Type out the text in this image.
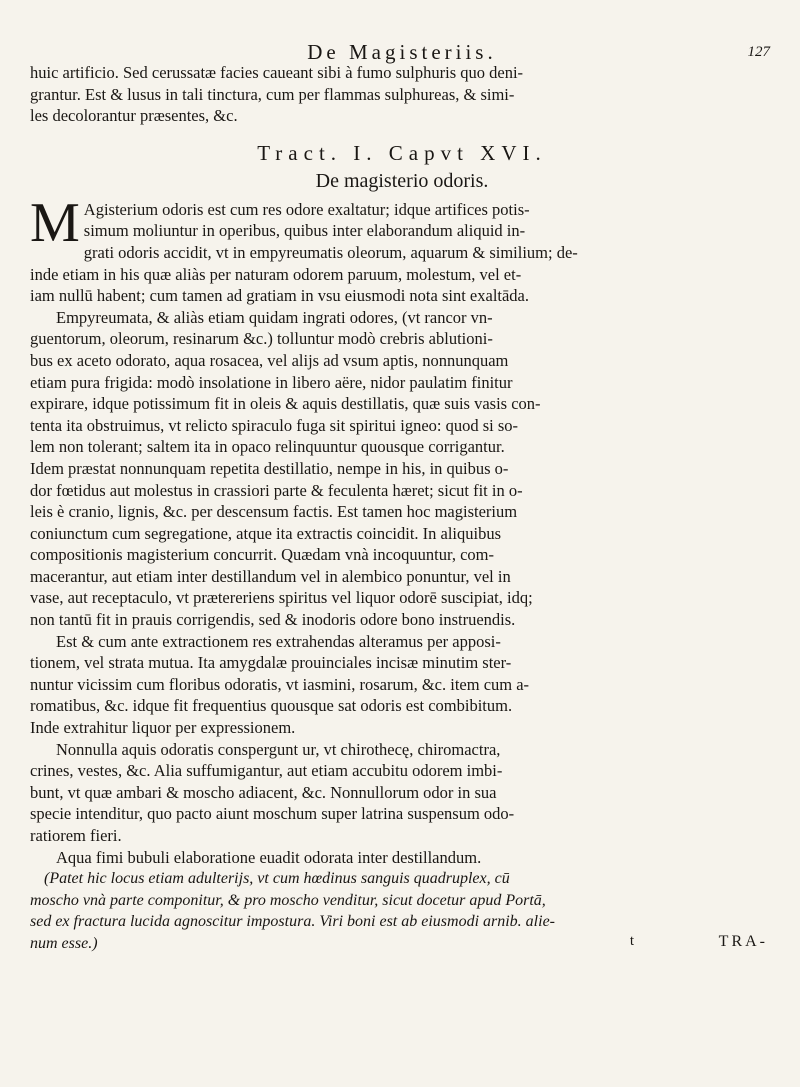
De Magisteriis.	127

huic artificio. Sed cerussatæ facies caueant sibi à fumo sulphuris quo deni-

grantur. Est & lusus in tali tinctura, cum per flammas sulphureas, & simi-

les decolorantur præsentes, &c.

Tract. I. Capvt XVI.
De magisterio odoris.
M Agisterium odoris est cum res odore exaltatur; idque artifices potis-

simum moliuntur in operibus, quibus inter elaborandum aliquid in-

grati odoris accidit, vt in empyreumatis oleorum, aquarum & similium; de-

inde etiam in his quæ aliàs per naturam odorem paruum, molestum, vel et-

iam nullū habent; cum tamen ad gratiam in vsu eiusmodi nota sint exaltāda.

Empyreumata, & aliàs etiam quidam ingrati odores, (vt rancor vn-

guentorum, oleorum, resinarum &c.) tolluntur modò crebris ablutioni-

bus ex aceto odorato, aqua rosacea, vel alijs ad vsum aptis, nonnunquam

etiam pura frigida: modò insolatione in libero aëre, nidor paulatim finitur

expirare, idque potissimum fit in oleis & aquis destillatis, quæ suis vasis con-

tenta ita obstruimus, vt relicto spiraculo fuga sit spiritui igneo: quod si so-

lem non tolerant; saltem ita in opaco relinquuntur quousque corrigantur.

Idem præstat nonnunquam repetita destillatio, nempe in his, in quibus o-

dor fœtidus aut molestus in crassiori parte & feculenta hæret; sicut fit in o-

leis è cranio, lignis, &c. per descensum factis. Est tamen hoc magisterium

coniunctum cum segregatione, atque ita extractis coincidit. In aliquibus

compositionis magisterium concurrit. Quædam vnà incoquuntur, com-

macerantur, aut etiam inter destillandum vel in alembico ponuntur, vel in

vase, aut receptaculo, vt prætereriens spiritus vel liquor odorē suscipiat, idq;

non tantū fit in prauis corrigendis, sed & inodoris odore bono instruendis.

Est & cum ante extractionem res extrahendas alteramus per apposi-

tionem, vel strata mutua. Ita amygdalæ prouinciales incisæ minutim ster-

nuntur vicissim cum floribus odoratis, vt iasmini, rosarum, &c. item cum a-

romatibus, &c. idque fit frequentius quousque sat odoris est combibitum.

Inde extrahitur liquor per expressionem.

Nonnulla aquis odoratis conspergunt ur, vt chirothecę, chiromactra,

crines, vestes, &c. Alia suffumigantur, aut etiam accubitu odorem imbi-

bunt, vt quæ ambari & moscho adiacent, &c. Nonnullorum odor in sua

specie intenditur, quo pacto aiunt moschum super latrina suspensum odo-

ratiorem fieri.

Aqua fimi bubuli elaboratione euadit odorata inter destillandum.

(Patet hic locus etiam adulterijs, vt cum hœdinus sanguis quadruplex, cū

moscho vnà parte componitur, & pro moscho venditur, sicut docetur apud Portā,

sed ex fractura lucida agnoscitur impostura. Viri boni est ab eiusmodi arnib. alie-

num esse.)	t	TRA-
